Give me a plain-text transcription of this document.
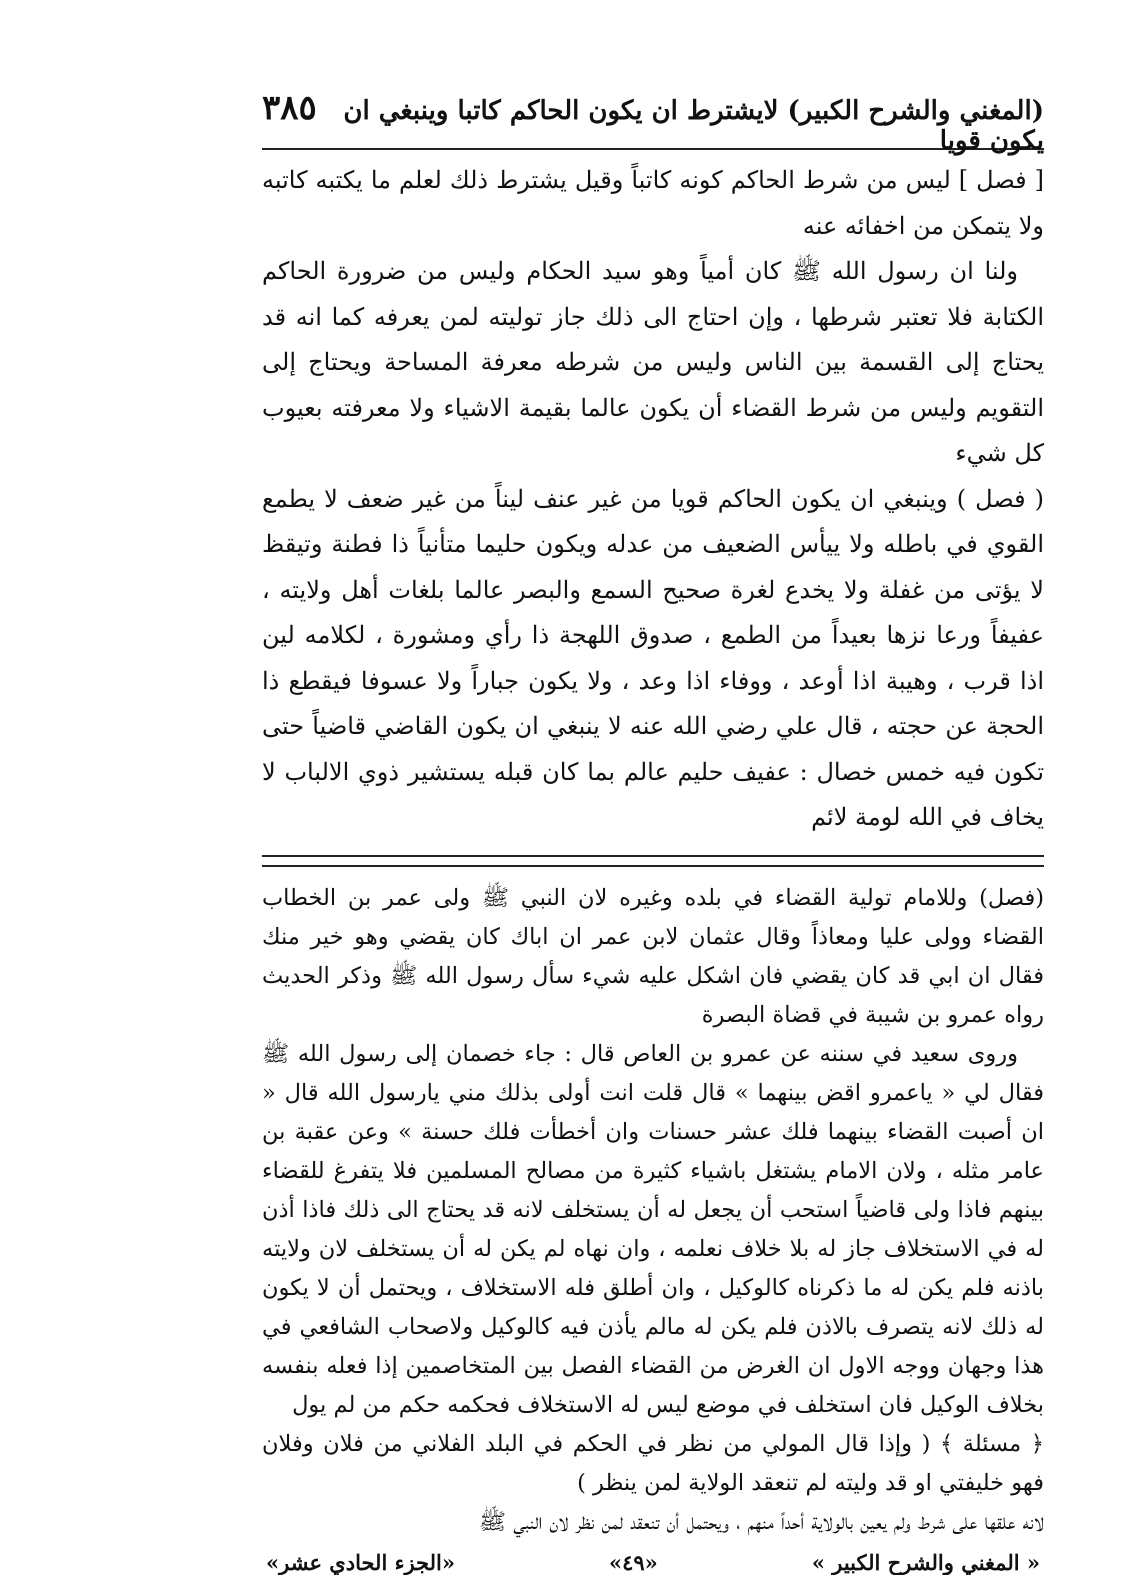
(المغني والشرح الكبير) لايشترط ان يكون الحاكم كاتبا وينبغي ان يكون قويا
٣٨٥

[ فصل ] ليس من شرط الحاكم كونه كاتباً وقيل يشترط ذلك لعلم ما يكتبه كاتبه ولا يتمكن من اخفائه عنه

ولنا ان رسول الله ﷺ كان أمياً وهو سيد الحكام وليس من ضرورة الحاكم الكتابة فلا تعتبر شرطها ، وإن احتاج الى ذلك جاز توليته لمن يعرفه كما انه قد يحتاج إلى القسمة بين الناس وليس من شرطه معرفة المساحة ويحتاج إلى التقويم وليس من شرط القضاء أن يكون عالما بقيمة الاشياء ولا معرفته بعيوب كل شيء

( فصل ) وينبغي ان يكون الحاكم قويا من غير عنف ليناً من غير ضعف لا يطمع القوي في باطله ولا ييأس الضعيف من عدله ويكون حليما متأنياً ذا فطنة وتيقظ لا يؤتى من غفلة ولا يخدع لغرة صحيح السمع والبصر عالما بلغات أهل ولايته ، عفيفاً ورعا نزها بعيداً من الطمع ، صدوق اللهجة ذا رأي ومشورة ، لكلامه لين اذا قرب ، وهيبة اذا أوعد ، ووفاء اذا وعد ، ولا يكون جباراً ولا عسوفا فيقطع ذا الحجة عن حجته ، قال علي رضي الله عنه لا ينبغي ان يكون القاضي قاضياً حتى تكون فيه خمس خصال : عفيف حليم عالم بما كان قبله يستشير ذوي الالباب لا يخاف في الله لومة لائم

(فصل) وللامام تولية القضاء في بلده وغيره لان النبي ﷺ ولى عمر بن الخطاب القضاء وولى عليا ومعاذاً وقال عثمان لابن عمر ان اباك كان يقضي وهو خير منك فقال ان ابي قد كان يقضي فان اشكل عليه شيء سأل رسول الله ﷺ وذكر الحديث رواه عمرو بن شيبة في قضاة البصرة

وروى سعيد في سننه عن عمرو بن العاص قال : جاء خصمان إلى رسول الله ﷺ فقال لي « ياعمرو اقض بينهما » قال قلت انت أولى بذلك مني يارسول الله قال « ان أصبت القضاء بينهما فلك عشر حسنات وان أخطأت فلك حسنة » وعن عقبة بن عامر مثله ، ولان الامام يشتغل باشياء كثيرة من مصالح المسلمين فلا يتفرغ للقضاء بينهم فاذا ولى قاضياً استحب أن يجعل له أن يستخلف لانه قد يحتاج الى ذلك فاذا أذن له في الاستخلاف جاز له بلا خلاف نعلمه ، وان نهاه لم يكن له أن يستخلف لان ولايته باذنه فلم يكن له ما ذكرناه كالوكيل ، وان أطلق فله الاستخلاف ، ويحتمل أن لا يكون له ذلك لانه يتصرف بالاذن فلم يكن له مالم يأذن فيه كالوكيل ولاصحاب الشافعي في هذا وجهان ووجه الاول ان الغرض من القضاء الفصل بين المتخاصمين إذا فعله بنفسه بخلاف الوكيل فان استخلف في موضع ليس له الاستخلاف فحكمه حكم من لم يول

﴿ مسئلة ﴾ ( وإذا قال المولي من نظر في الحكم في البلد الفلاني من فلان وفلان فهو خليفتي او قد وليته لم تنعقد الولاية لمن ينظر )

لانه علقها على شرط ولم يعين بالولاية أحداً منهم ، ويحتمل أن تنعقد لمن نظر لان النبي ﷺ

« المغني والشرح الكبير »
«٤٩»
«الجزء الحادي عشر»
